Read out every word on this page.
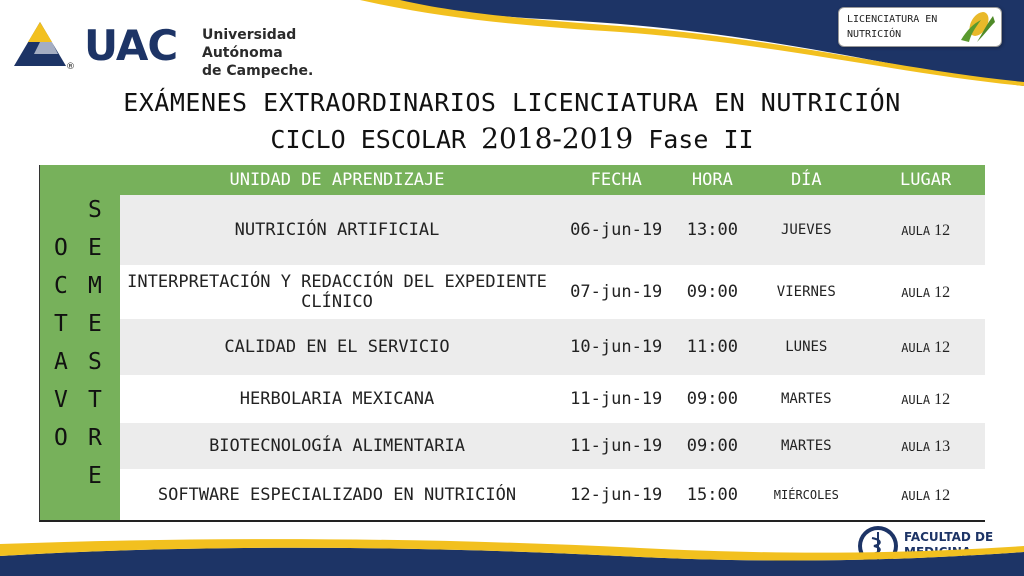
® UAC Universidad Autónoma
de Campeche.
LICENCIATURA EN
NUTRICIÓN
EXÁMENES EXTRAORDINARIOS LICENCIATURA EN NUTRICIÓN
CICLO ESCOLAR 2018-2019 Fase II
O
C
T
A
V
O
S
E
M
E
S
T
R
E
UNIDAD DE APRENDIZAJE	FECHA	HORA	DÍA	LUGAR
NUTRICIÓN ARTIFICIAL	06-jun-19	13:00	JUEVES	AULA 12
INTERPRETACIÓN Y REDACCIÓN DEL EXPEDIENTE CLÍNICO	07-jun-19	09:00	VIERNES	AULA 12
CALIDAD EN EL SERVICIO	10-jun-19	11:00	LUNES	AULA 12
HERBOLARIA MEXICANA	11-jun-19	09:00	MARTES	AULA 12
BIOTECNOLOGÍA ALIMENTARIA	11-jun-19	09:00	MARTES	AULA 13
SOFTWARE ESPECIALIZADO EN NUTRICIÓN	12-jun-19	15:00	MIÉRCOLES	AULA 12
FACULTAD DE
